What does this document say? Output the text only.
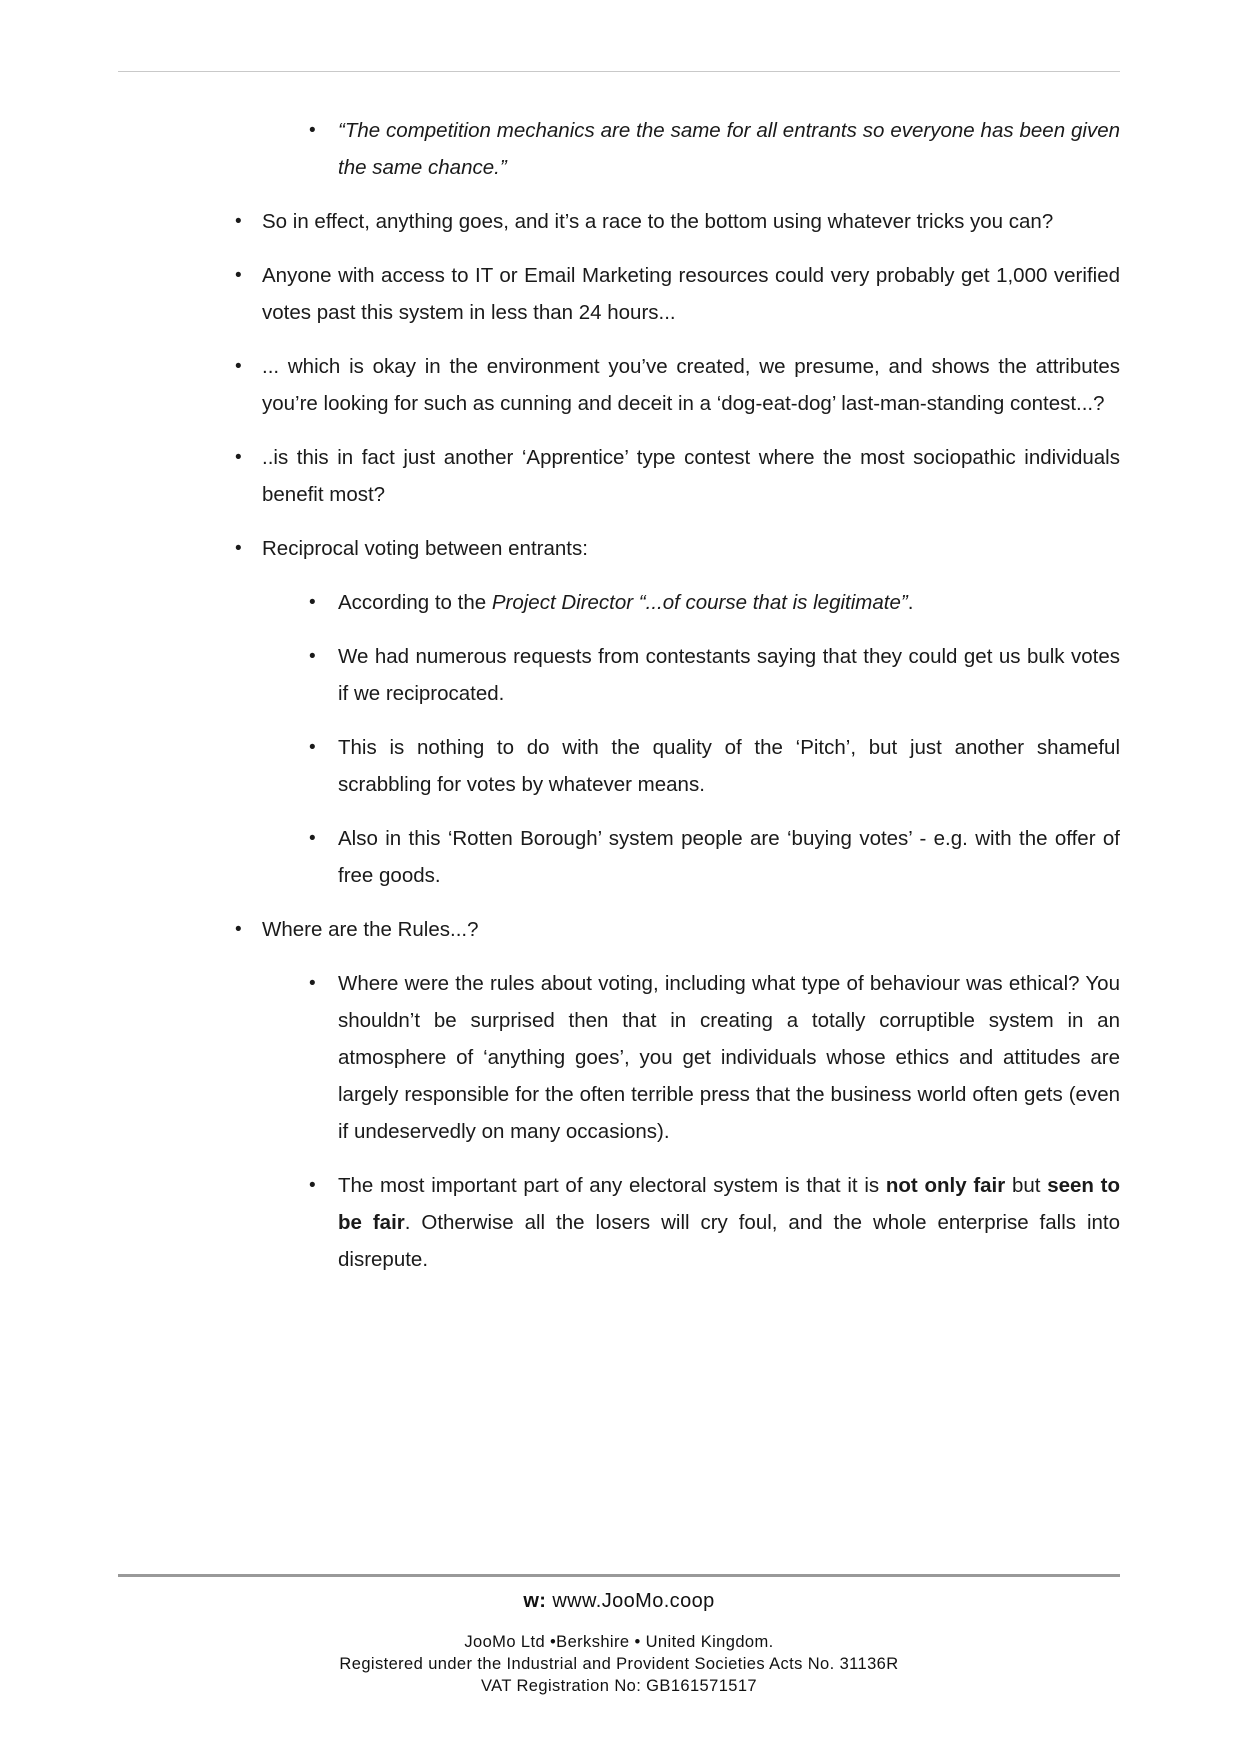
• “The competition mechanics are the same for all entrants so everyone has been given the same chance.”
• So in effect, anything goes, and it’s a race to the bottom using whatever tricks you can?
• Anyone with access to IT or Email Marketing resources could very probably get 1,000 verified votes past this system in less than 24 hours...
• ... which is okay in the environment you’ve created, we presume, and shows the attributes you’re looking for such as cunning and deceit in a ‘dog-eat-dog’ last-man-standing contest...?
• ..is this in fact just another ‘Apprentice’ type contest where the most sociopathic individuals benefit most?
• Reciprocal voting between entrants:
• According to the Project Director “...of course that is legitimate”.
• We had numerous requests from contestants saying that they could get us bulk votes if we reciprocated.
• This is nothing to do with the quality of the ‘Pitch’, but just another shameful scrabbling for votes by whatever means.
• Also in this ‘Rotten Borough’ system people are ‘buying votes’ - e.g. with the offer of free goods.
• Where are the Rules...?
• Where were the rules about voting, including what type of behaviour was ethical? You shouldn’t be surprised then that in creating a totally corruptible system in an atmosphere of ‘anything goes’, you get individuals whose ethics and attitudes are largely responsible for the often terrible press that the business world often gets (even if undeservedly on many occasions).
• The most important part of any electoral system is that it is not only fair but seen to be fair. Otherwise all the losers will cry foul, and the whole enterprise falls into disrepute.
w: www.JooMo.coop
JooMo Ltd •Berkshire • United Kingdom.
Registered under the Industrial and Provident Societies Acts No. 31136R
VAT Registration No: GB161571517
